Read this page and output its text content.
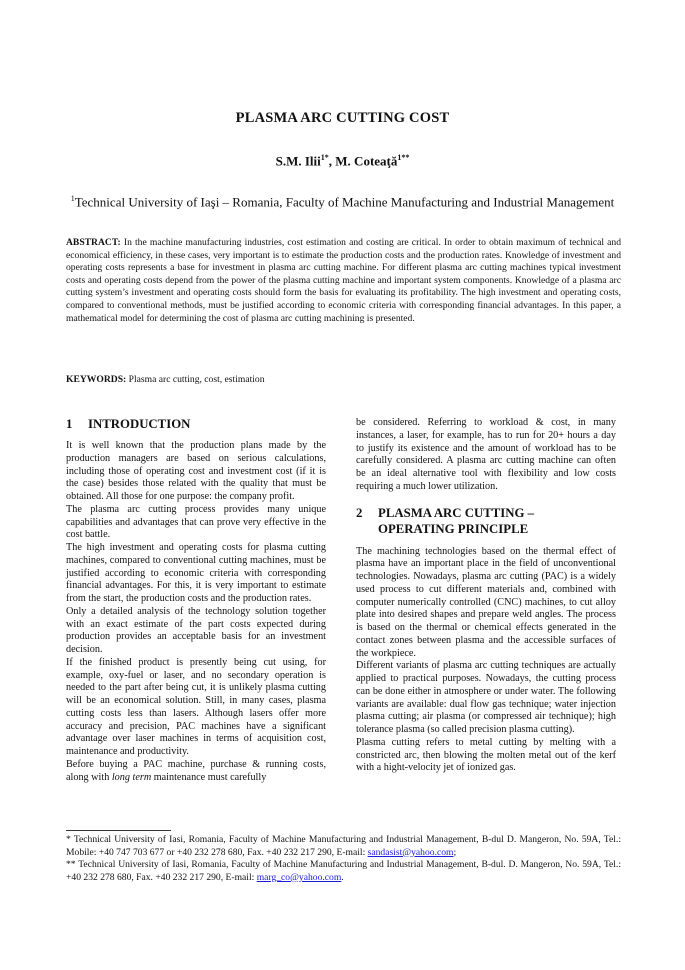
PLASMA ARC CUTTING COST
S.M. Ilii$^{1*}$, M. Coteaţă$^{1**}$
$^1$Technical University of Iaşi – Romania, Faculty of Machine Manufacturing and Industrial Management
ABSTRACT: In the machine manufacturing industries, cost estimation and costing are critical. In order to obtain maximum of technical and economical efficiency, in these cases, very important is to estimate the production costs and the production rates. Knowledge of investment and operating costs represents a base for investment in plasma arc cutting machine. For different plasma arc cutting machines typical investment costs and operating costs depend from the power of the plasma cutting machine and important system components. Knowledge of a plasma arc cutting system’s investment and operating costs should form the basis for evaluating its profitability. The high investment and operating costs, compared to conventional methods, must be justified according to economic criteria with corresponding financial advantages. In this paper, a mathematical model for determining the cost of plasma arc cutting machining is presented.
KEYWORDS: Plasma arc cutting, cost, estimation
1	INTRODUCTION

It is well known that the production plans made by the production managers are based on serious calculations, including those of operating cost and investment cost (if it is the case) besides those related with the quality that must be obtained. All those for one purpose: the company profit.

The plasma arc cutting process provides many unique capabilities and advantages that can prove very effective in the cost battle.

The high investment and operating costs for plasma cutting machines, compared to conventional cutting machines, must be justified according to economic criteria with corresponding financial advantages. For this, it is very important to estimate from the start, the production costs and the production rates.

Only a detailed analysis of the technology solution together with an exact estimate of the part costs expected during production provides an acceptable basis for an investment decision.

If the finished product is presently being cut using, for example, oxy-fuel or laser, and no secondary operation is needed to the part after being cut, it is unlikely plasma cutting will be an economical solution. Still, in many cases, plasma cutting costs less than lasers. Although lasers offer more accuracy and precision, PAC machines have a significant advantage over laser machines in terms of acquisition cost, maintenance and productivity.

Before buying a PAC machine, purchase & running costs, along with long term maintenance must carefully

be considered. Referring to workload & cost, in many instances, a laser, for example, has to run for 20+ hours a day to justify its existence and the amount of workload has to be carefully considered. A plasma arc cutting machine can often be an ideal alternative tool with flexibility and low costs requiring a much lower utilization.

2	PLASMA ARC CUTTING –
OPERATING PRINCIPLE

The machining technologies based on the thermal effect of plasma have an important place in the field of unconventional technologies. Nowadays, plasma arc cutting (PAC) is a widely used process to cut different materials and, combined with computer numerically controlled (CNC) machines, to cut alloy plate into desired shapes and prepare weld angles. The process is based on the thermal or chemical effects generated in the contact zones between plasma and the accessible surfaces of the workpiece.

Different variants of plasma arc cutting techniques are actually applied to practical purposes. Nowadays, the cutting process can be done either in atmosphere or under water. The following variants are available: dual flow gas technique; water injection plasma cutting; air plasma (or compressed air technique); high tolerance plasma (so called precision plasma cutting).

Plasma cutting refers to metal cutting by melting with a constricted arc, then blowing the molten metal out of the kerf with a hight-velocity jet of ionized gas.

* Technical University of Iasi, Romania, Faculty of Machine Manufacturing and Industrial Management, B-dul D. Mangeron, No. 59A, Tel.: Mobile: +40 747 703 677 or +40 232 278 680, Fax. +40 232 217 290, E-mail: sandasist@yahoo.com;

** Technical University of Iasi, Romania, Faculty of Machine Manufacturing and Industrial Management, B-dul. D. Mangeron, No. 59A, Tel.: +40 232 278 680, Fax. +40 232 217 290, E-mail: marg_co@yahoo.com.
